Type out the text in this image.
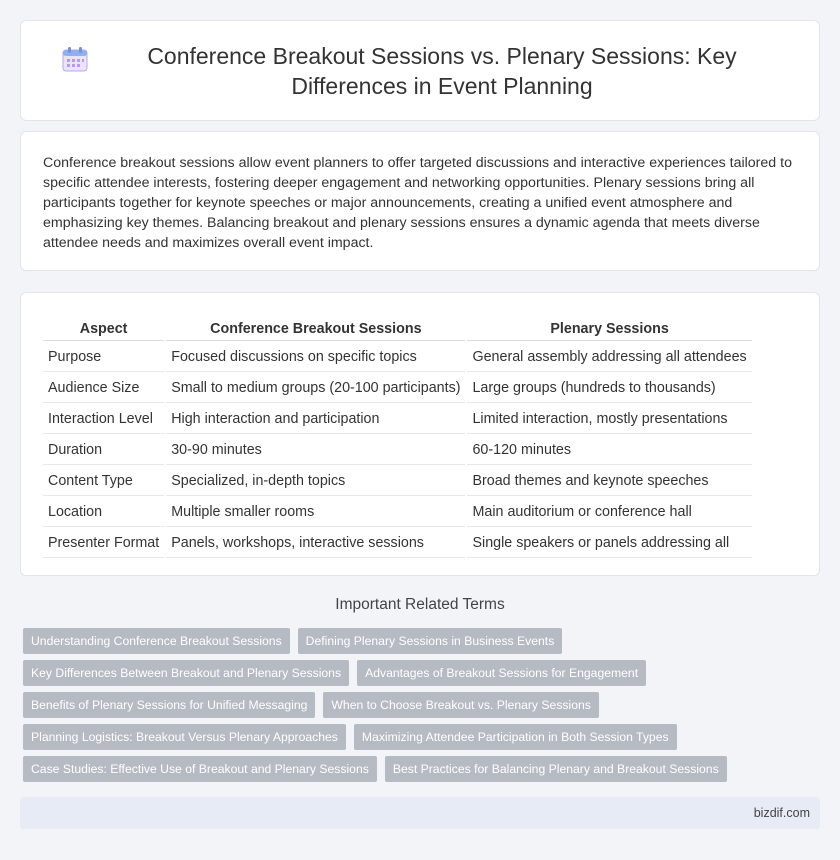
Conference Breakout Sessions vs. Plenary Sessions: Key Differences in Event Planning

Conference breakout sessions allow event planners to offer targeted discussions and interactive experiences tailored to specific attendee interests, fostering deeper engagement and networking opportunities. Plenary sessions bring all participants together for keynote speeches or major announcements, creating a unified event atmosphere and emphasizing key themes. Balancing breakout and plenary sessions ensures a dynamic agenda that meets diverse attendee needs and maximizes overall event impact.

Aspect	Conference Breakout Sessions	Plenary Sessions
Purpose	Focused discussions on specific topics	General assembly addressing all attendees
Audience Size	Small to medium groups (20-100 participants)	Large groups (hundreds to thousands)
Interaction Level	High interaction and participation	Limited interaction, mostly presentations
Duration	30-90 minutes	60-120 minutes
Content Type	Specialized, in-depth topics	Broad themes and keynote speeches
Location	Multiple smaller rooms	Main auditorium or conference hall
Presenter Format	Panels, workshops, interactive sessions	Single speakers or panels addressing all
Important Related Terms
Understanding Conference Breakout Sessions	Defining Plenary Sessions in Business Events
Key Differences Between Breakout and Plenary Sessions	Advantages of Breakout Sessions for Engagement
Benefits of Plenary Sessions for Unified Messaging	When to Choose Breakout vs. Plenary Sessions
Planning Logistics: Breakout Versus Plenary Approaches	Maximizing Attendee Participation in Both Session Types
Case Studies: Effective Use of Breakout and Plenary Sessions	Best Practices for Balancing Plenary and Breakout Sessions
bizdif.com
